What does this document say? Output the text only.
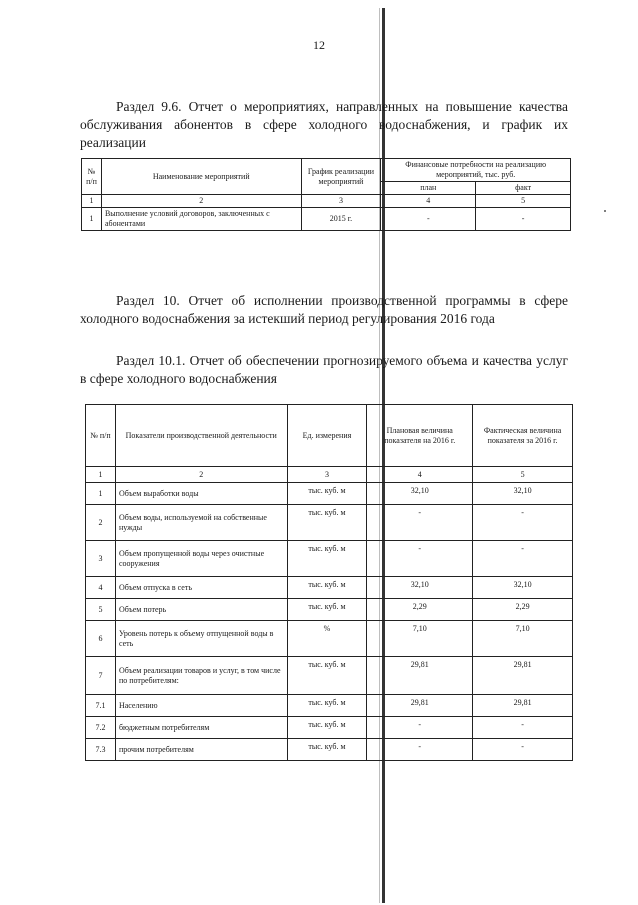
12
Раздел 9.6. Отчет о мероприятиях, направленных на повышение качества обслуживания абонентов в сфере холодного водоснабжения, и график их реализации
№ п/п	Наименование мероприятий	График реализации мероприятий	Финансовые потребности на реализацию мероприятий, тыс. руб.	
			план	факт
1	2	3	4	5
1	Выполнение условий договоров, заключенных с абонентами	2015 г.	-	-
Раздел 10. Отчет об исполнении производственной программы в сфере холодного водоснабжения за истекший период регулирования 2016 года
Раздел 10.1. Отчет об обеспечении прогнозируемого объема и качества услуг в сфере холодного водоснабжения
№ п/п	Показатели производственной деятельности	Ед. измерения	Плановая величина показателя на 2016 г.	Фактическая величина показателя за 2016 г.
1	2	3	4	5
1	Объем выработки воды	тыс. куб. м	32,10	32,10
2	Объем воды, используемой на собственные нужды	тыс. куб. м	-	-
3	Объем пропущенной воды через очистные сооружения	тыс. куб. м	-	-
4	Объем отпуска в сеть	тыс. куб. м	32,10	32,10
5	Объем потерь	тыс. куб. м	2,29	2,29
6	Уровень потерь к объему отпущенной воды в сеть	%	7,10	7,10
7	Объем реализации товаров и услуг, в том числе по потребителям:	тыс. куб. м	29,81	29,81
7.1	Населению	тыс. куб. м	29,81	29,81
7.2	бюджетным потребителям	тыс. куб. м	-	-
7.3	прочим потребителям	тыс. куб. м	-	-
